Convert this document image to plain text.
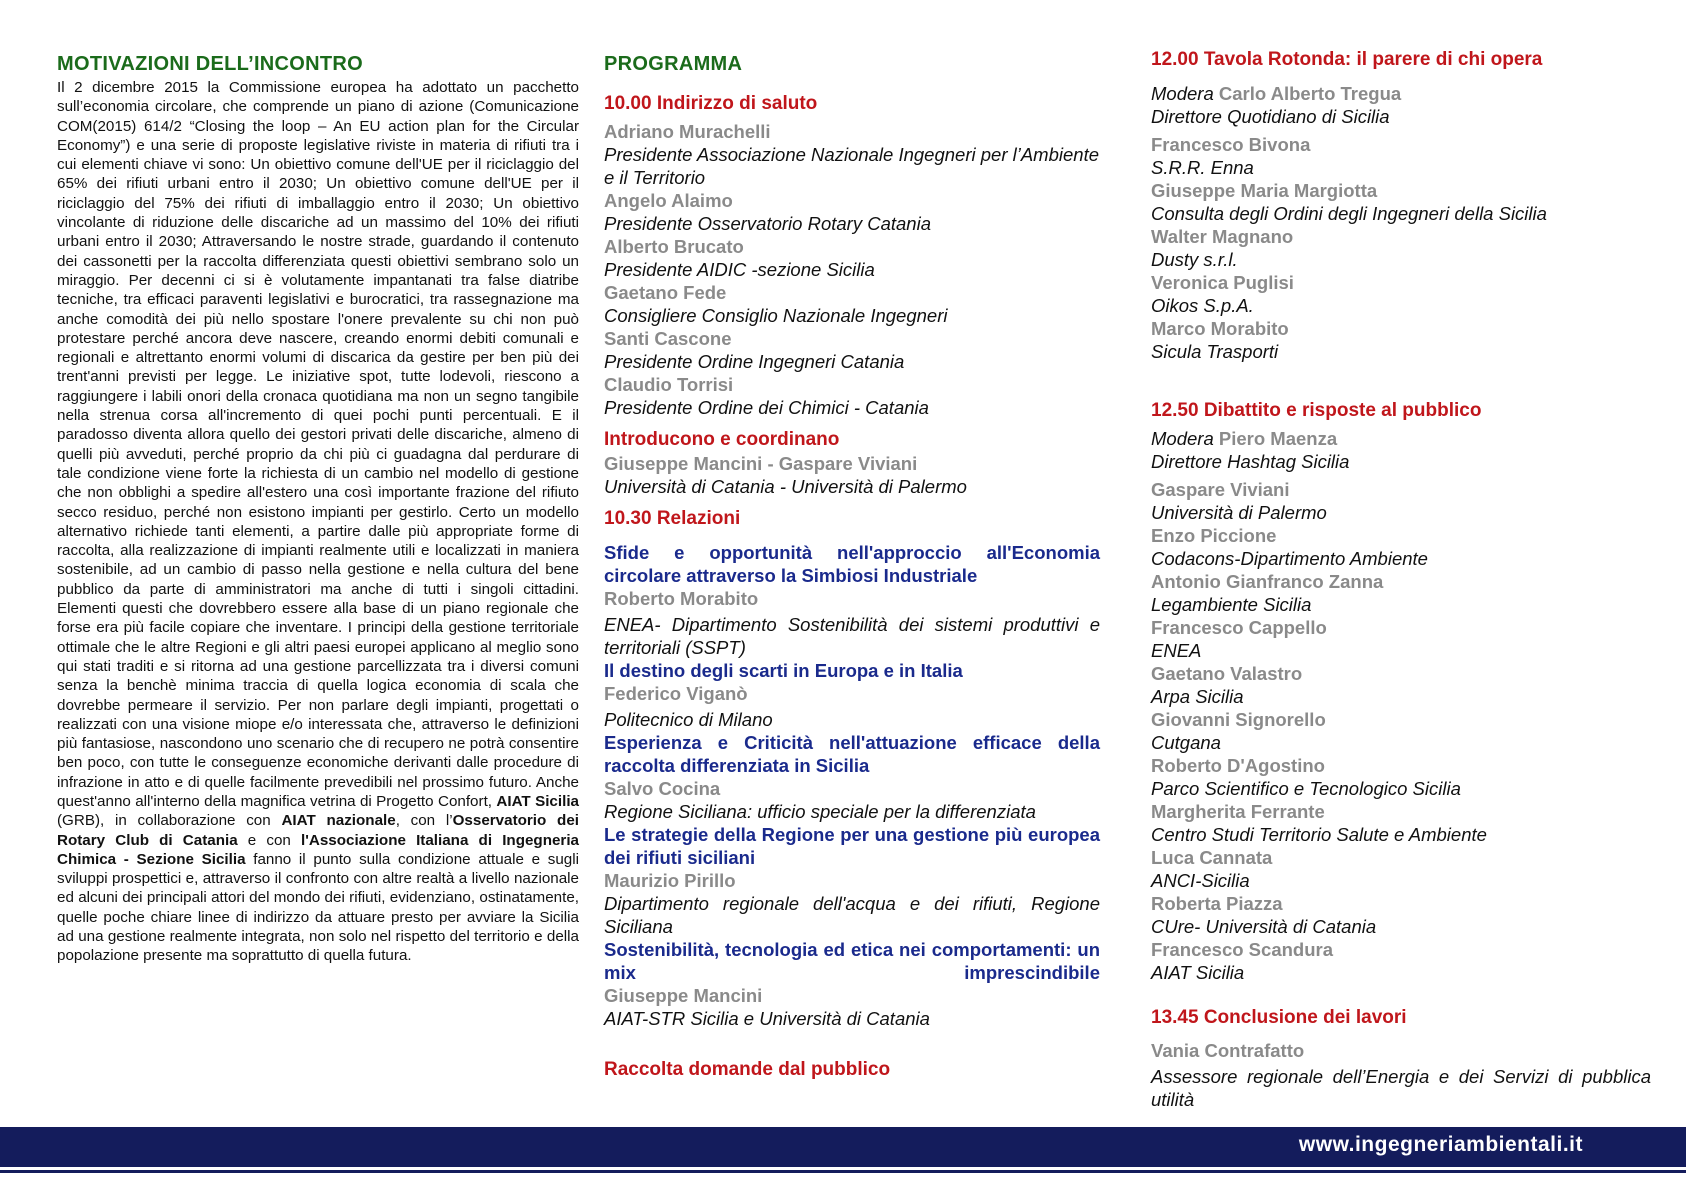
MOTIVAZIONI DELL’INCONTRO

Il 2 dicembre 2015 la Commissione europea ha adottato un pacchetto sull’economia circolare, che comprende un piano di azione (Comunicazione COM(2015) 614/2 “Closing the loop – An EU action plan for the Circular Economy”) e una serie di proposte legislative riviste in materia di rifiuti tra i cui elementi chiave vi sono: Un obiettivo comune dell'UE per il riciclaggio del 65% dei rifiuti urbani entro il 2030; Un obiettivo comune dell'UE per il riciclaggio del 75% dei rifiuti di imballaggio entro il 2030; Un obiettivo vincolante di riduzione delle discariche ad un massimo del 10% dei rifiuti urbani entro il 2030; Attraversando le nostre strade, guardando il contenuto dei cassonetti per la raccolta differenziata questi obiettivi sembrano solo un miraggio. Per decenni ci si è volutamente impantanati tra false diatribe tecniche, tra efficaci paraventi legislativi e burocratici, tra rassegnazione ma anche comodità dei più nello spostare l'onere prevalente su chi non può protestare perché ancora deve nascere, creando enormi debiti comunali e regionali e altrettanto enormi volumi di discarica da gestire per ben più dei trent'anni previsti per legge. Le iniziative spot, tutte lodevoli, riescono a raggiungere i labili onori della cronaca quotidiana ma non un segno tangibile nella strenua corsa all'incremento di quei pochi punti percentuali. E il paradosso diventa allora quello dei gestori privati delle discariche, almeno di quelli più avveduti, perché proprio da chi più ci guadagna dal perdurare di tale condizione viene forte la richiesta di un cambio nel modello di gestione che non obblighi a spedire all'estero una così importante frazione del rifiuto secco residuo, perché non esistono impianti per gestirlo. Certo un modello alternativo richiede tanti elementi, a partire dalle più appropriate forme di raccolta, alla realizzazione di impianti realmente utili e localizzati in maniera sostenibile, ad un cambio di passo nella gestione e nella cultura del bene pubblico da parte di amministratori ma anche di tutti i singoli cittadini. Elementi questi che dovrebbero essere alla base di un piano regionale che forse era più facile copiare che inventare. I principi della gestione territoriale ottimale che le altre Regioni e gli altri paesi europei applicano al meglio sono qui stati traditi e si ritorna ad una gestione parcellizzata tra i diversi comuni senza la benchè minima traccia di quella logica economia di scala che dovrebbe permeare il servizio. Per non parlare degli impianti, progettati o realizzati con una visione miope e/o interessata che, attraverso le definizioni più fantasiose, nascondono uno scenario che di recupero ne potrà consentire ben poco, con tutte le conseguenze economiche derivanti dalle procedure di infrazione in atto e di quelle facilmente prevedibili nel prossimo futuro. Anche quest'anno all'interno della magnifica vetrina di Progetto Confort, AIAT Sicilia (GRB), in collaborazione con AIAT nazionale, con l’Osservatorio dei Rotary Club di Catania e con l'Associazione Italiana di Ingegneria Chimica - Sezione Sicilia fanno il punto sulla condizione attuale e sugli sviluppi prospettici e, attraverso il confronto con altre realtà a livello nazionale ed alcuni dei principali attori del mondo dei rifiuti, evidenziano, ostinatamente, quelle poche chiare linee di indirizzo da attuare presto per avviare la Sicilia ad una gestione realmente integrata, non solo nel rispetto del territorio e della popolazione presente ma soprattutto di quella futura.

PROGRAMMA

10.00 Indirizzo di saluto

Adriano Murachelli

Presidente Associazione Nazionale Ingegneri per l’Ambiente e il Territorio

Angelo Alaimo

Presidente Osservatorio Rotary Catania

Alberto Brucato

Presidente AIDIC -sezione Sicilia

Gaetano Fede

Consigliere Consiglio Nazionale Ingegneri

Santi Cascone

Presidente Ordine Ingegneri Catania

Claudio Torrisi

Presidente Ordine dei Chimici - Catania

Introducono e coordinano

Giuseppe Mancini - Gaspare Viviani

Università di Catania - Università di Palermo

10.30 Relazioni

Sfide e opportunità nell'approccio all'Economia circolare attraverso la Simbiosi Industriale

Roberto Morabito

ENEA- Dipartimento Sostenibilità dei sistemi produttivi e territoriali (SSPT)

Il destino degli scarti in Europa e in Italia

Federico Viganò

Politecnico di Milano

Esperienza e Criticità nell'attuazione efficace della raccolta differenziata in Sicilia

Salvo Cocina

Regione Siciliana: ufficio speciale per la differenziata

Le strategie della Regione per una gestione più europea dei rifiuti siciliani

Maurizio Pirillo

Dipartimento regionale dell'acqua e dei rifiuti, Regione Siciliana

Sostenibilità, tecnologia ed etica nei comportamenti: un mix imprescindibile

Giuseppe Mancini

AIAT-STR Sicilia e Università di Catania

Raccolta domande dal pubblico

12.00 Tavola Rotonda: il parere di chi opera

Modera Carlo Alberto Tregua

Direttore Quotidiano di Sicilia

Francesco Bivona

S.R.R. Enna

Giuseppe Maria Margiotta

Consulta degli Ordini degli Ingegneri della Sicilia

Walter Magnano

Dusty s.r.l.

Veronica Puglisi

Oikos S.p.A.

Marco Morabito

Sicula Trasporti

12.50 Dibattito e risposte al pubblico

Modera Piero Maenza

Direttore Hashtag Sicilia

Gaspare Viviani

Università di Palermo

Enzo Piccione

Codacons-Dipartimento Ambiente

Antonio Gianfranco Zanna

Legambiente Sicilia

Francesco Cappello

ENEA

Gaetano Valastro

Arpa Sicilia

Giovanni Signorello

Cutgana

Roberto D'Agostino

Parco Scientifico e Tecnologico Sicilia

Margherita Ferrante

Centro Studi Territorio Salute e Ambiente

Luca Cannata

ANCI-Sicilia

Roberta Piazza

CUre- Università di Catania

Francesco Scandura

AIAT Sicilia

13.45 Conclusione dei lavori

Vania Contrafatto

Assessore regionale dell’Energia e dei Servizi di pubblica utilità

www.ingegneriambientali.it
